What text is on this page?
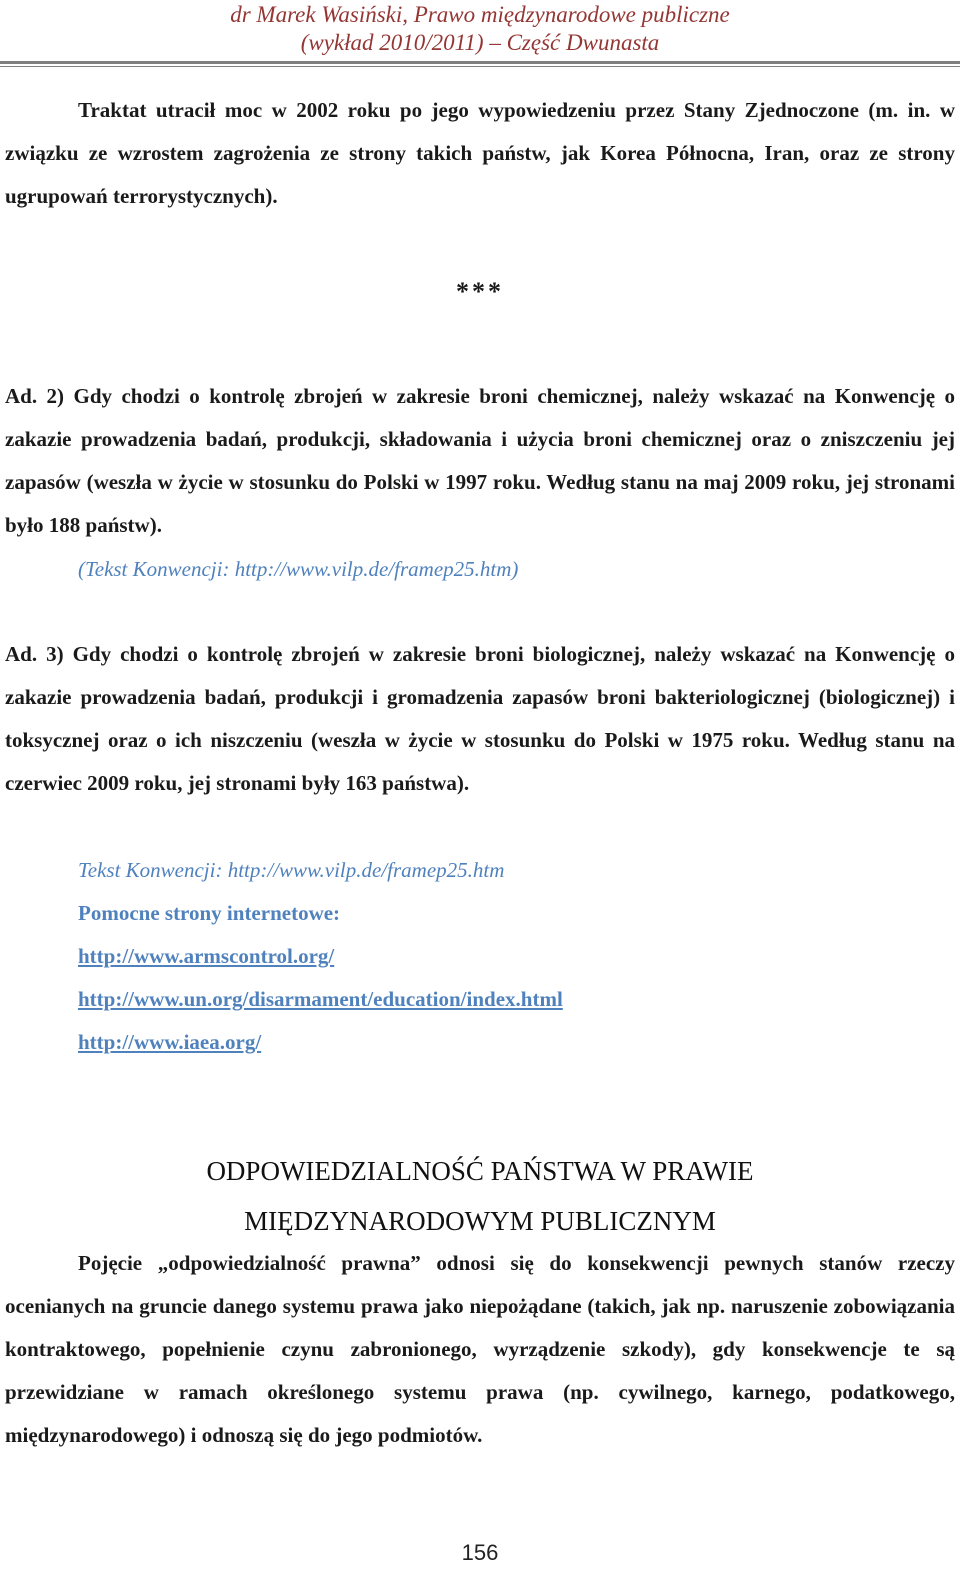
dr Marek Wasiński, Prawo międzynarodowe publiczne
(wykład 2010/2011) – Część Dwunasta

Traktat utracił moc w 2002 roku po jego wypowiedzeniu przez Stany Zjednoczone (m. in. w związku ze wzrostem zagrożenia ze strony takich państw, jak Korea Północna, Iran, oraz ze strony ugrupowań terrorystycznych).

***

Ad. 2) Gdy chodzi o kontrolę zbrojeń w zakresie broni chemicznej, należy wskazać na Konwencję o zakazie prowadzenia badań, produkcji, składowania i użycia broni chemicznej oraz o zniszczeniu jej zapasów (weszła w życie w stosunku do Polski w 1997 roku. Według stanu na maj 2009 roku, jej stronami było 188 państw).

(Tekst Konwencji: http://www.vilp.de/framep25.htm)

Ad. 3) Gdy chodzi o kontrolę zbrojeń w zakresie broni biologicznej, należy wskazać na Konwencję o zakazie prowadzenia badań, produkcji i gromadzenia zapasów broni bakteriologicznej (biologicznej) i toksycznej oraz o ich niszczeniu (weszła w życie w stosunku do Polski w 1975 roku. Według stanu na czerwiec 2009 roku, jej stronami były 163 państwa).

Tekst Konwencji: http://www.vilp.de/framep25.htm
Pomocne strony internetowe:
http://www.armscontrol.org/
http://www.un.org/disarmament/education/index.html
http://www.iaea.org/
ODPOWIEDZIALNOŚĆ PAŃSTWA W PRAWIE
MIĘDZYNARODOWYM PUBLICZNYM

Pojęcie „odpowiedzialność prawna” odnosi się do konsekwencji pewnych stanów rzeczy ocenianych na gruncie danego systemu prawa jako niepożądane (takich, jak np. naruszenie zobowiązania kontraktowego, popełnienie czynu zabronionego, wyrządzenie szkody), gdy konsekwencje te są przewidziane w ramach określonego systemu prawa (np. cywilnego, karnego, podatkowego, międzynarodowego) i odnoszą się do jego podmiotów.

156
